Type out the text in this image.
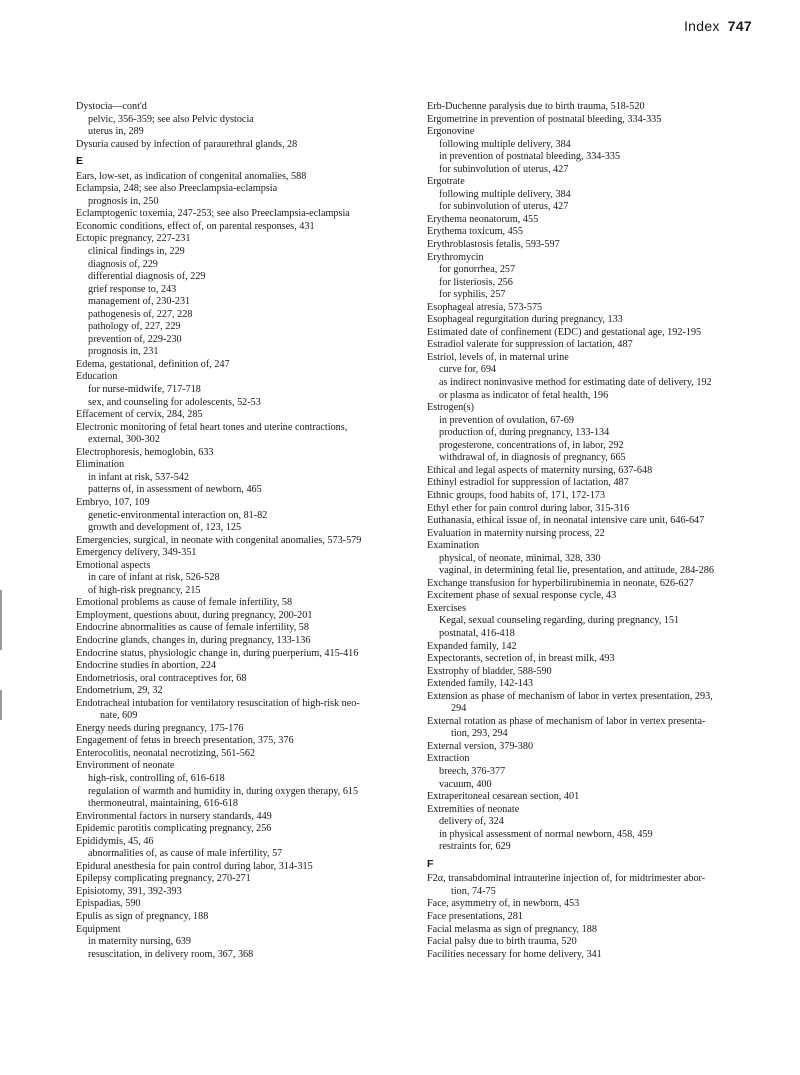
Index 747
Dystocia—cont'd
pelvic, 356-359; see also Pelvic dystocia
uterus in, 289
Dysuria caused by infection of paraurethral glands, 28
E
Ears, low-set, as indication of congenital anomalies, 588
Eclampsia, 248; see also Preeclampsia-eclampsia
prognosis in, 250
Eclamptogenic toxemia, 247-253; see also Preeclampsia-eclampsia
Economic conditions, effect of, on parental responses, 431
Ectopic pregnancy, 227-231
clinical findings in, 229
diagnosis of, 229
differential diagnosis of, 229
grief response to, 243
management of, 230-231
pathogenesis of, 227, 228
pathology of, 227, 229
prevention of, 229-230
prognosis in, 231
Edema, gestational, definition of, 247
Education
for nurse-midwife, 717-718
sex, and counseling for adolescents, 52-53
Effacement of cervix, 284, 285
Electronic monitoring of fetal heart tones and uterine contractions,
external, 300-302
Electrophoresis, hemoglobin, 633
Elimination
in infant at risk, 537-542
patterns of, in assessment of newborn, 465
Embryo, 107, 109
genetic-environmental interaction on, 81-82
growth and development of, 123, 125
Emergencies, surgical, in neonate with congenital anomalies, 573-579
Emergency delivery, 349-351
Emotional aspects
in care of infant at risk, 526-528
of high-risk pregnancy, 215
Emotional problems as cause of female infertility, 58
Employment, questions about, during pregnancy, 200-201
Endocrine abnormalities as cause of female infertility, 58
Endocrine glands, changes in, during pregnancy, 133-136
Endocrine status, physiologic change in, during puerperium, 415-416
Endocrine studies in abortion, 224
Endometriosis, oral contraceptives for, 68
Endometrium, 29, 32
Endotracheal intubation for ventilatory resuscitation of high-risk neo-
nate, 609
Energy needs during pregnancy, 175-176
Engagement of fetus in breech presentation, 375, 376
Enterocolitis, neonatal necrotizing, 561-562
Environment of neonate
high-risk, controlling of, 616-618
regulation of warmth and humidity in, during oxygen therapy, 615
thermoneutral, maintaining, 616-618
Environmental factors in nursery standards, 449
Epidemic parotitis complicating pregnancy, 256
Epididymis, 45, 46
abnormalities of, as cause of male infertility, 57
Epidural anesthesia for pain control during labor, 314-315
Epilepsy complicating pregnancy, 270-271
Episiotomy, 391, 392-393
Epispadias, 590
Epulis as sign of pregnancy, 188
Equipment
in maternity nursing, 639
resuscitation, in delivery room, 367, 368
Erb-Duchenne paralysis due to birth trauma, 518-520
Ergometrine in prevention of postnatal bleeding, 334-335
Ergonovine
following multiple delivery, 384
in prevention of postnatal bleeding, 334-335
for subinvolution of uterus, 427
Ergotrate
following multiple delivery, 384
for subinvolution of uterus, 427
Erythema neonatorum, 455
Erythema toxicum, 455
Erythroblastosis fetalis, 593-597
Erythromycin
for gonorrhea, 257
for listeriosis, 256
for syphilis, 257
Esophageal atresia, 573-575
Esophageal regurgitation during pregnancy, 133
Estimated date of confinement (EDC) and gestational age, 192-195
Estradiol valerate for suppression of lactation, 487
Estriol, levels of, in maternal urine
curve for, 694
as indirect noninvasive method for estimating date of delivery, 192
or plasma as indicator of fetal health, 196
Estrogen(s)
in prevention of ovulation, 67-69
production of, during pregnancy, 133-134
progesterone, concentrations of, in labor, 292
withdrawal of, in diagnosis of pregnancy, 665
Ethical and legal aspects of maternity nursing, 637-648
Ethinyl estradiol for suppression of lactation, 487
Ethnic groups, food habits of, 171, 172-173
Ethyl ether for pain control during labor, 315-316
Euthanasia, ethical issue of, in neonatal intensive care unit, 646-647
Evaluation in maternity nursing process, 22
Examination
physical, of neonate, minimal, 328, 330
vaginal, in determining fetal lie, presentation, and attitude, 284-286
Exchange transfusion for hyperbilirubinemia in neonate, 626-627
Excitement phase of sexual response cycle, 43
Exercises
Kegal, sexual counseling regarding, during pregnancy, 151
postnatal, 416-418
Expanded family, 142
Expectorants, secretion of, in breast milk, 493
Exstrophy of bladder, 588-590
Extended family, 142-143
Extension as phase of mechanism of labor in vertex presentation, 293,
294
External rotation as phase of mechanism of labor in vertex presenta-
tion, 293, 294
External version, 379-380
Extraction
breech, 376-377
vacuum, 400
Extraperitoneal cesarean section, 401
Extremities of neonate
delivery of, 324
in physical assessment of normal newborn, 458, 459
restraints for, 629
F
F2α, transabdominal intrauterine injection of, for midtrimester abor-
tion, 74-75
Face, asymmetry of, in newborn, 453
Face presentations, 281
Facial melasma as sign of pregnancy, 188
Facial palsy due to birth trauma, 520
Facilities necessary for home delivery, 341
